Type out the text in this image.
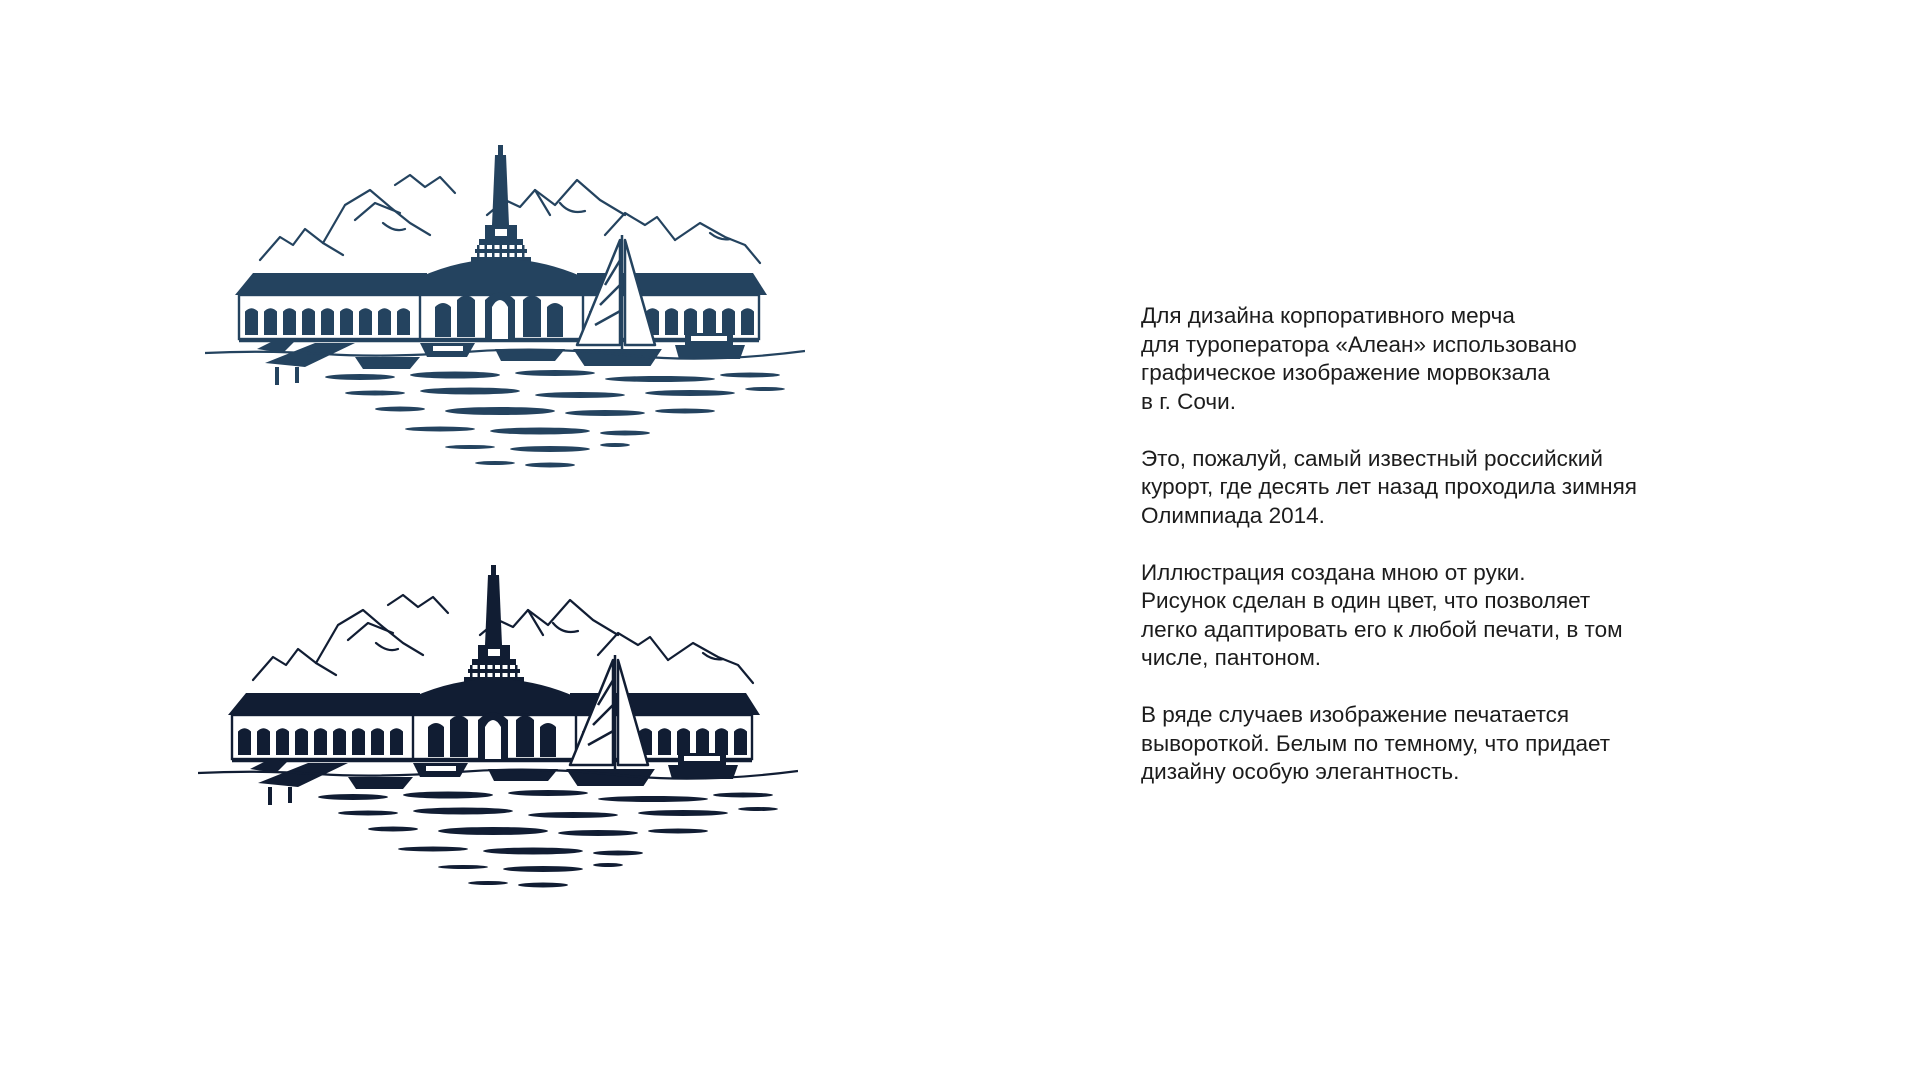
Для дизайна корпоративного мерча
для туроператора «Алеан» использовано
графическое изображение морвокзала
в г. Сочи.

Это, пожалуй, самый известный российский
курорт, где десять лет назад проходила зимняя
Олимпиада 2014.

Иллюстрация создана мною от руки.
Рисунок сделан в один цвет, что позволяет
легко адаптировать его к любой печати, в том
числе, пантоном.

В ряде случаев изображение печатается
вывороткой. Белым по темному, что придает
дизайну особую элегантность.
